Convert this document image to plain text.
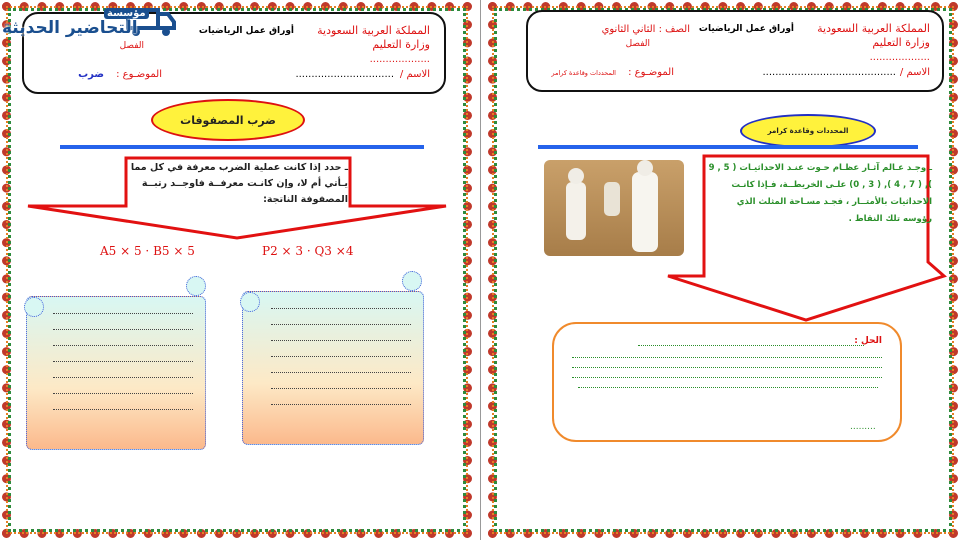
المملكة العربية السعودية
أوراق عمل الرياضيات
وزارة التعليم
الفصل
...................
الاسم /
...............................
الموضـوع :
ضرب
ضرب المصفوفات
ـ حدد إذا كانت عملية الضرب معرفة في كل مما يـأتي أم لا، وإن كانـت معرفــة فاوجــد رتبــة المصفوفة الناتجة:
P2 × 3 · Q3 ×4
A5 × 5 · B5 × 5
مؤسسة
التحاضير الحديثة	المملكة العربية السعودية
أوراق عمل الرياضيات
الصف : الثاني الثانوي
وزارة التعليم
الفصل
...................
الاسم /
..........................................
الموضـوع :
المحددات وقاعدة كرامر
المحددات وقاعدة كرامر
ـ وجـد عـالم آثـار عظـام حـوت عنـد الاحداثيـات ( 5 , 9 ), ( 7 , 4 ), ( 3 , 0) علـى الخريطــة، فـإذا كانـت الاحداثيات بالأمتــار ، فجـد مسـاحة المثلث الذي رؤوسه تلك النقاط .
الحل :
.........
